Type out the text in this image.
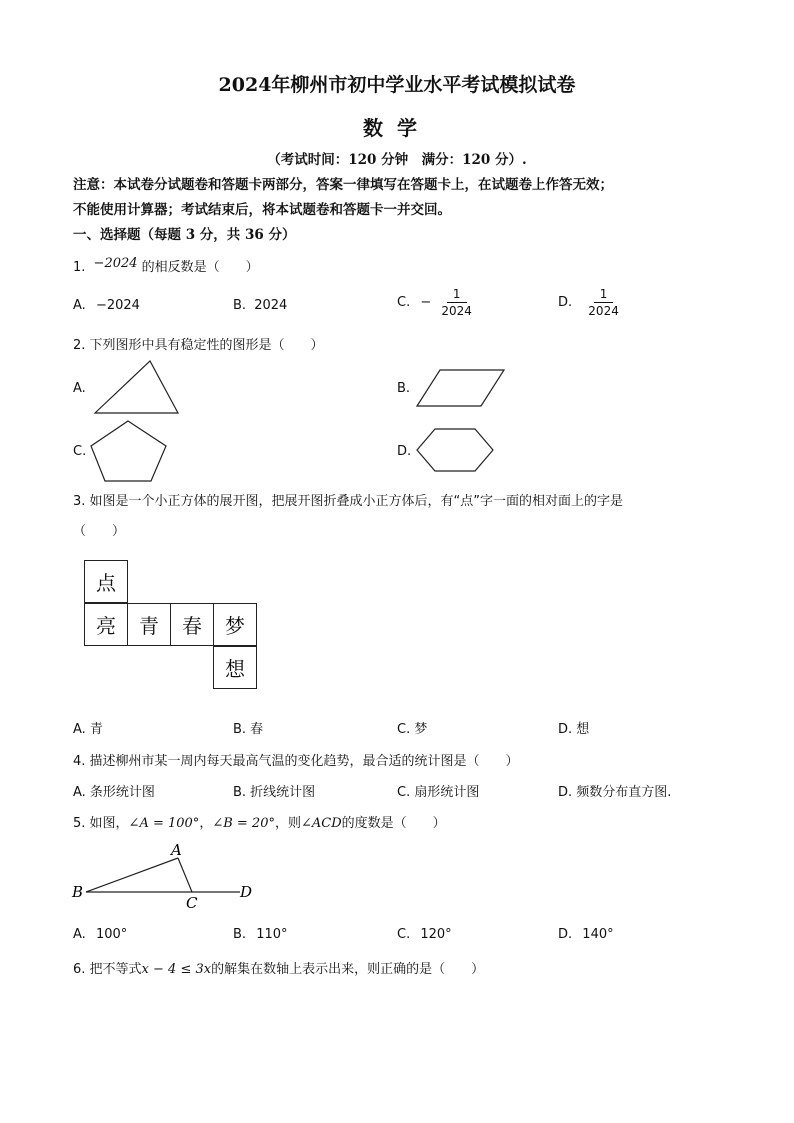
2024年柳州市初中学业水平考试模拟试卷
数学
（考试时间：120 分钟　满分：120 分）.
注意：本试卷分试题卷和答题卡两部分，答案一律填写在答题卡上，在试题卷上作答无效；
不能使用计算器；考试结束后，将本试题卷和答题卡一并交回。
一、选择题（每题 3 分，共 36 分）
1. −2024 的相反数是（　　）
A. −2024	B. 2024	C. − $\frac{1}{2024}$	D. $\frac{1}{2024}$
2. 下列图形中具有稳定性的图形是（　　）
A.	B.
C.	D.
3. 如图是一个小正方体的展开图，把展开图折叠成小正方体后，有“点”字一面的相对面上的字是
（　　）
点
亮	青	春	梦
想
A. 青	B. 春	C. 梦	D. 想
4. 描述柳州市某一周内每天最高气温的变化趋势，最合适的统计图是（　　）
A. 条形统计图	B. 折线统计图	C. 扇形统计图	D. 频数分布直方图.
5. 如图，∠A = 100°，∠B = 20°，则∠ACD的度数是（　　）
A
B
C
D
A. 100°	B. 110°	C. 120°	D. 140°
6. 把不等式x − 4 ≤ 3x的解集在数轴上表示出来，则正确的是（　　）
